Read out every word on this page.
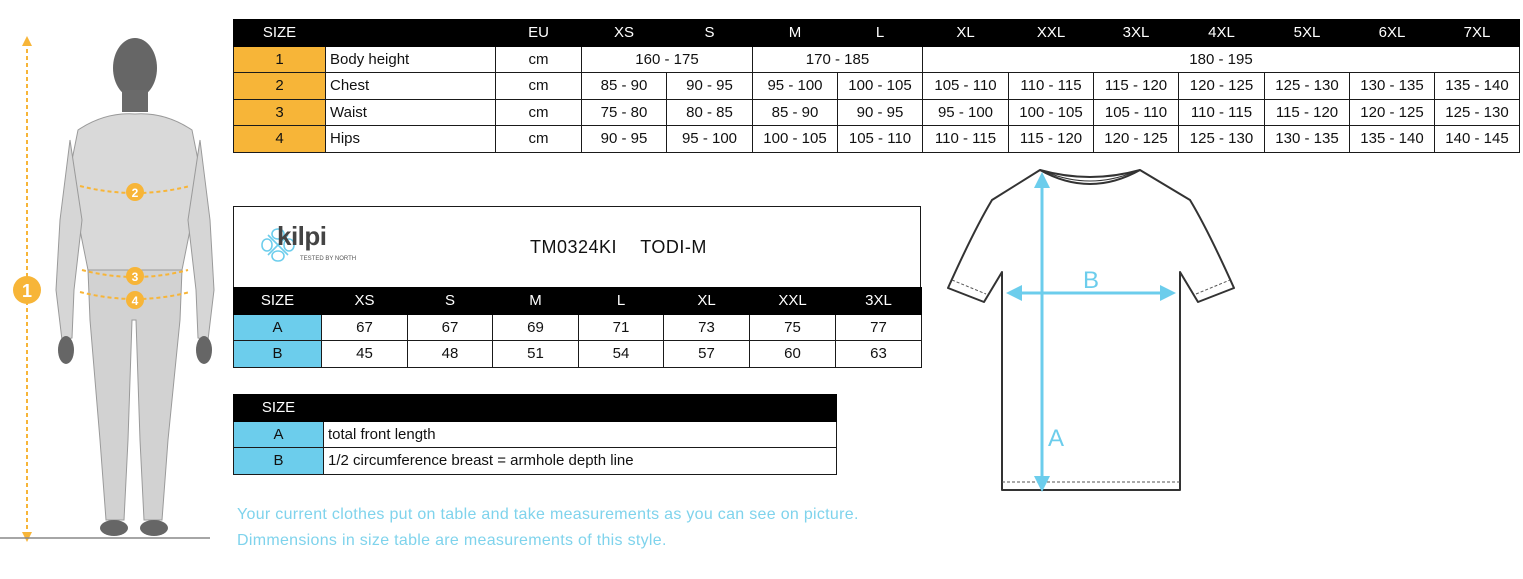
1
2
3
4
SIZE		EU	XS	S	M	L	XL	XXL	3XL	4XL	5XL	6XL	7XL
1	Body height	cm	160 - 175		170 - 185		180 - 195						
2	Chest	cm	85 - 90	90 - 95	95 - 100	100 - 105	105 - 110	110 - 115	115 - 120	120 - 125	125 - 130	130 - 135	135 - 140
3	Waist	cm	75 - 80	80 - 85	85 - 90	90 - 95	95 - 100	100 - 105	105 - 110	110 - 115	115 - 120	120 - 125	125 - 130
4	Hips	cm	90 - 95	95 - 100	100 - 105	105 - 110	110 - 115	115 - 120	120 - 125	125 - 130	130 - 135	135 - 140	140 - 145
kilpi
TESTED BY NORTH
TM0324KI TODI-M
SIZE	XS	S	M	L	XL	XXL	3XL
A	67	67	69	71	73	75	77
B	45	48	51	54	57	60	63
SIZE	
A	total front length
B	1/2 circumference breast = armhole depth line
A
B
Your current clothes put on table and take measurements as you can see on picture.
Dimmensions in size table are measurements of this style.
